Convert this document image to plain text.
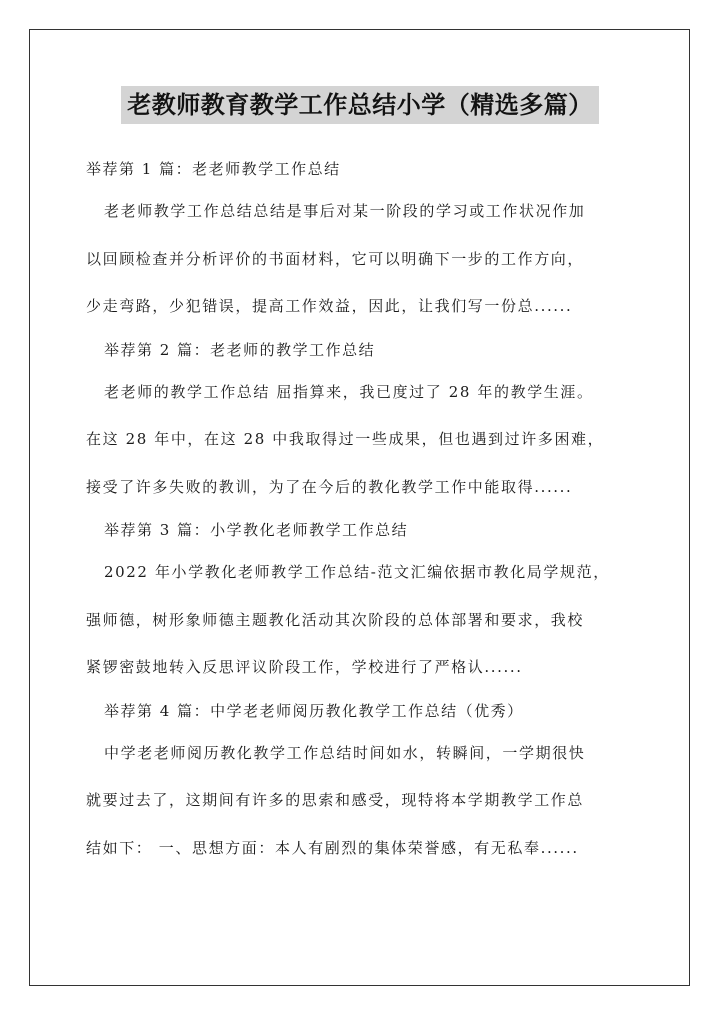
老教师教育教学工作总结小学（精选多篇）

举荐第 1 篇：老老师教学工作总结

老老师教学工作总结总结是事后对某一阶段的学习或工作状况作加
以回顾检查并分析评价的书面材料，它可以明确下一步的工作方向，
少走弯路，少犯错误，提高工作效益，因此，让我们写一份总......

举荐第 2 篇：老老师的教学工作总结

老老师的教学工作总结 屈指算来，我已度过了 28 年的教学生涯。
在这 28 年中，在这 28 中我取得过一些成果，但也遇到过许多困难，
接受了许多失败的教训，为了在今后的教化教学工作中能取得......

举荐第 3 篇：小学教化老师教学工作总结

2022 年小学教化老师教学工作总结-范文汇编依据市教化局学规范，
强师德，树形象师德主题教化活动其次阶段的总体部署和要求，我校
紧锣密鼓地转入反思评议阶段工作，学校进行了严格认......

举荐第 4 篇：中学老老师阅历教化教学工作总结（优秀）

中学老老师阅历教化教学工作总结时间如水，转瞬间，一学期很快
就要过去了，这期间有许多的思索和感受，现特将本学期教学工作总
结如下： 一、思想方面：本人有剧烈的集体荣誉感，有无私奉......
